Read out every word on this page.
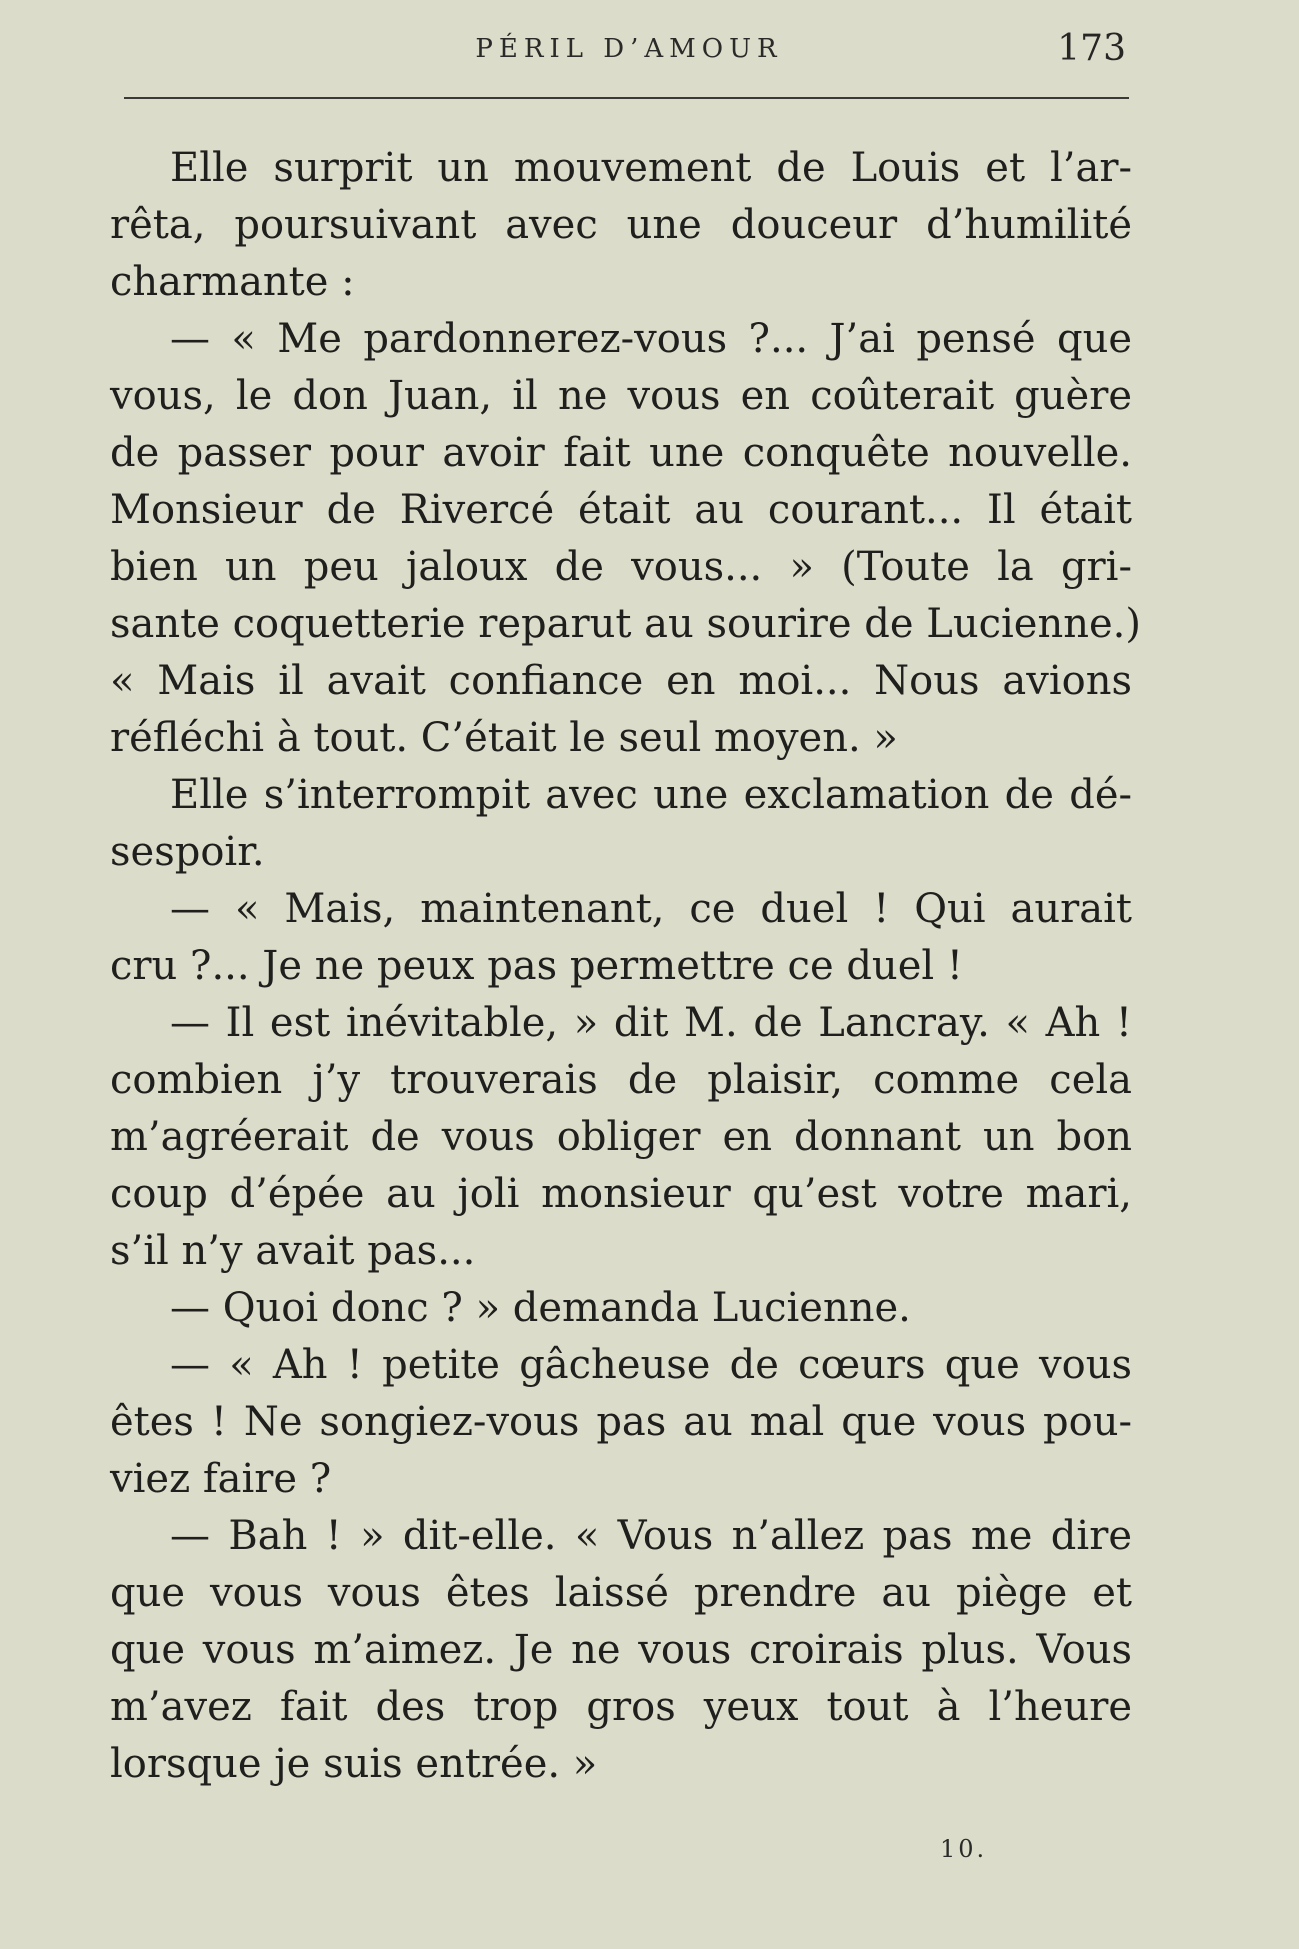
PÉRIL D’AMOUR	173
Elle surprit un mouvement de Louis et l’ar-
rêta, poursuivant avec une douceur d’humilité
charmante :
— « Me pardonnerez-vous ?... J’ai pensé que
vous, le don Juan, il ne vous en coûterait guère
de passer pour avoir fait une conquête nouvelle.
Monsieur de Rivercé était au courant... Il était
bien un peu jaloux de vous... » (Toute la gri-
sante coquetterie reparut au sourire de Lucienne.)
« Mais il avait confiance en moi... Nous avions
réfléchi à tout. C’était le seul moyen. »
Elle s’interrompit avec une exclamation de dé-
sespoir.
— « Mais, maintenant, ce duel ! Qui aurait
cru ?... Je ne peux pas permettre ce duel !
— Il est inévitable, » dit M. de Lancray. « Ah !
combien j’y trouverais de plaisir, comme cela
m’agréerait de vous obliger en donnant un bon
coup d’épée au joli monsieur qu’est votre mari,
s’il n’y avait pas...
— Quoi donc ? » demanda Lucienne.
— « Ah ! petite gâcheuse de cœurs que vous
êtes ! Ne songiez-vous pas au mal que vous pou-
viez faire ?
— Bah ! » dit-elle. « Vous n’allez pas me dire
que vous vous êtes laissé prendre au piège et
que vous m’aimez. Je ne vous croirais plus. Vous
m’avez fait des trop gros yeux tout à l’heure
lorsque je suis entrée. »
10.
